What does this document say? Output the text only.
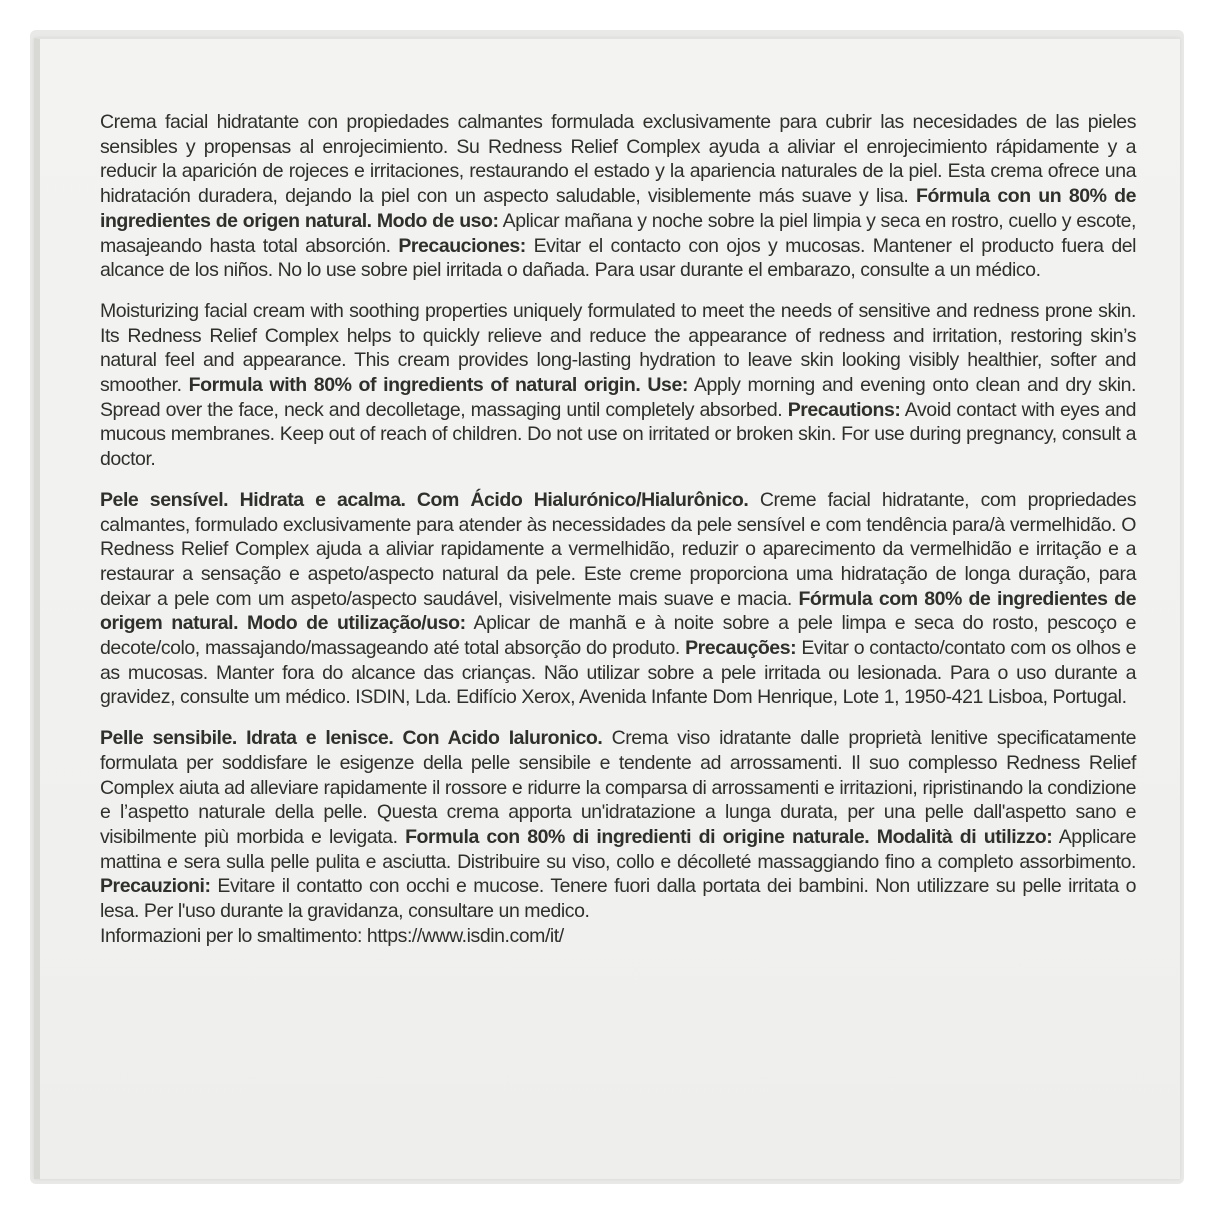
Crema facial hidratante con propiedades calmantes formulada exclusivamente para cubrir las necesidades de las pieles sensibles y propensas al enrojecimiento. Su Redness Relief Complex ayuda a aliviar el enrojecimiento rápidamente y a reducir la aparición de rojeces e irritaciones, restaurando el estado y la apariencia naturales de la piel. Esta crema ofrece una hidratación duradera, dejando la piel con un aspecto saludable, visiblemente más suave y lisa. Fórmula con un 80% de ingredientes de origen natural. Modo de uso: Aplicar mañana y noche sobre la piel limpia y seca en rostro, cuello y escote, masajeando hasta total absorción. Precauciones: Evitar el contacto con ojos y mucosas. Mantener el producto fuera del alcance de los niños. No lo use sobre piel irritada o dañada. Para usar durante el embarazo, consulte a un médico.

Moisturizing facial cream with soothing properties uniquely formulated to meet the needs of sensitive and redness prone skin. Its Redness Relief Complex helps to quickly relieve and reduce the appearance of redness and irritation, restoring skin’s natural feel and appearance. This cream provides long-lasting hydration to leave skin looking visibly healthier, softer and smoother. Formula with 80% of ingredients of natural origin. Use: Apply morning and evening onto clean and dry skin. Spread over the face, neck and decolletage, massaging until completely absorbed. Precautions: Avoid contact with eyes and mucous membranes. Keep out of reach of children. Do not use on irritated or broken skin. For use during pregnancy, consult a doctor.

Pele sensível. Hidrata e acalma. Com Ácido Hialurónico/Hialurônico. Creme facial hidratante, com propriedades calmantes, formulado exclusivamente para atender às necessidades da pele sensível e com tendência para/à vermelhidão. O Redness Relief Complex ajuda a aliviar rapidamente a vermelhidão, reduzir o aparecimento da vermelhidão e irritação e a restaurar a sensação e aspeto/aspecto natural da pele. Este creme proporciona uma hidratação de longa duração, para deixar a pele com um aspeto/aspecto saudável, visivelmente mais suave e macia. Fórmula com 80% de ingredientes de origem natural. Modo de utilização/uso: Aplicar de manhã e à noite sobre a pele limpa e seca do rosto, pescoço e decote/colo, massajando/massageando até total absorção do produto. Precauções: Evitar o contacto/contato com os olhos e as mucosas. Manter fora do alcance das crianças. Não utilizar sobre a pele irritada ou lesionada. Para o uso durante a gravidez, consulte um médico. ISDIN, Lda. Edifício Xerox, Avenida Infante Dom Henrique, Lote 1, 1950-421 Lisboa, Portugal.

Pelle sensibile. Idrata e lenisce. Con Acido Ialuronico. Crema viso idratante dalle proprietà lenitive specificatamente formulata per soddisfare le esigenze della pelle sensibile e tendente ad arrossamenti. Il suo complesso Redness Relief Complex aiuta ad alleviare rapidamente il rossore e ridurre la comparsa di arrossamenti e irritazioni, ripristinando la condizione e l’aspetto naturale della pelle. Questa crema apporta un'idratazione a lunga durata, per una pelle dall'aspetto sano e visibilmente più morbida e levigata. Formula con 80% di ingredienti di origine naturale. Modalità di utilizzo: Applicare mattina e sera sulla pelle pulita e asciutta. Distribuire su viso, collo e décolleté massaggiando fino a completo assorbimento. Precauzioni: Evitare il contatto con occhi e mucose. Tenere fuori dalla portata dei bambini. Non utilizzare su pelle irritata o lesa. Per l'uso durante la gravidanza, consultare un medico.

Informazioni per lo smaltimento: https://www.isdin.com/it/
